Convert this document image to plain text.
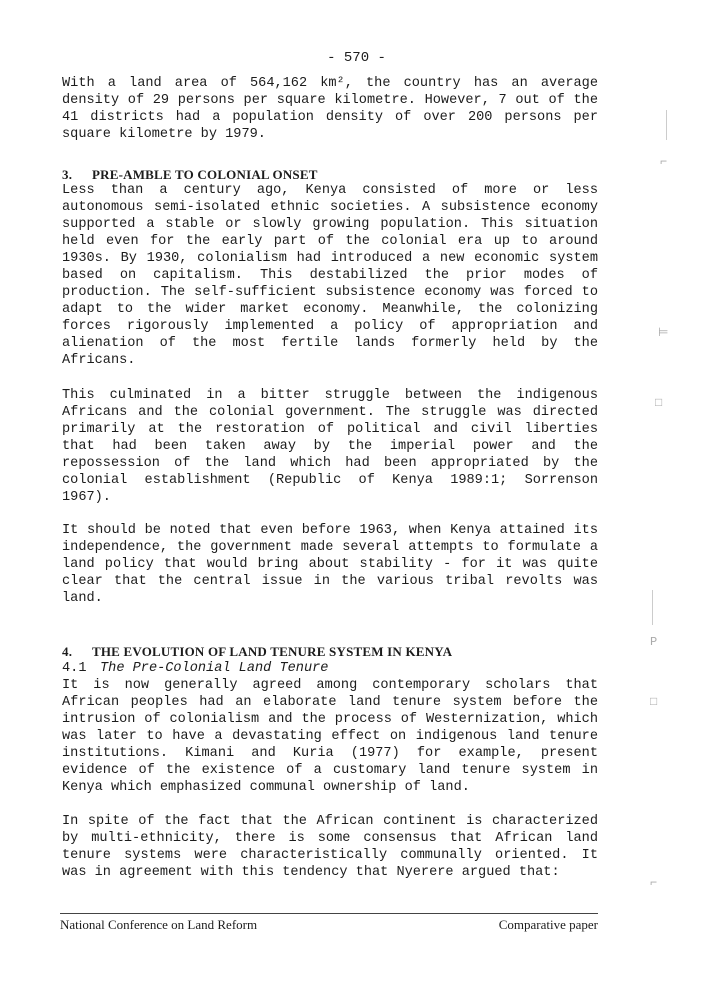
- 570 -

With a land area of 564,162 km², the country has an average density of 29 persons per square kilometre. However, 7 out of the 41 districts had a population density of over 200 persons per square kilometre by 1979.

3. PRE-AMBLE TO COLONIAL ONSET

Less than a century ago, Kenya consisted of more or less autonomous semi-isolated ethnic societies. A subsistence economy supported a stable or slowly growing population. This situation held even for the early part of the colonial era up to around 1930s. By 1930, colonialism had introduced a new economic system based on capitalism. This destabilized the prior modes of production. The self-sufficient subsistence economy was forced to adapt to the wider market economy. Meanwhile, the colonizing forces rigorously implemented a policy of appropriation and alienation of the most fertile lands formerly held by the Africans.

This culminated in a bitter struggle between the indigenous Africans and the colonial government. The struggle was directed primarily at the restoration of political and civil liberties that had been taken away by the imperial power and the repossession of the land which had been appropriated by the colonial establishment (Republic of Kenya 1989:1; Sorrenson 1967).

It should be noted that even before 1963, when Kenya attained its independence, the government made several attempts to formulate a land policy that would bring about stability - for it was quite clear that the central issue in the various tribal revolts was land.

4. THE EVOLUTION OF LAND TENURE SYSTEM IN KENYA
4.1 The Pre-Colonial Land Tenure

It is now generally agreed among contemporary scholars that African peoples had an elaborate land tenure system before the intrusion of colonialism and the process of Westernization, which was later to have a devastating effect on indigenous land tenure institutions. Kimani and Kuria (1977) for example, present evidence of the existence of a customary land tenure system in Kenya which emphasized communal ownership of land.

In spite of the fact that the African continent is characterized by multi-ethnicity, there is some consensus that African land tenure systems were characteristically communally oriented. It was in agreement with this tendency that Nyerere argued that:

National Conference on Land Reform	Comparative paper
⌐
⊨
□
P
□
⌐
